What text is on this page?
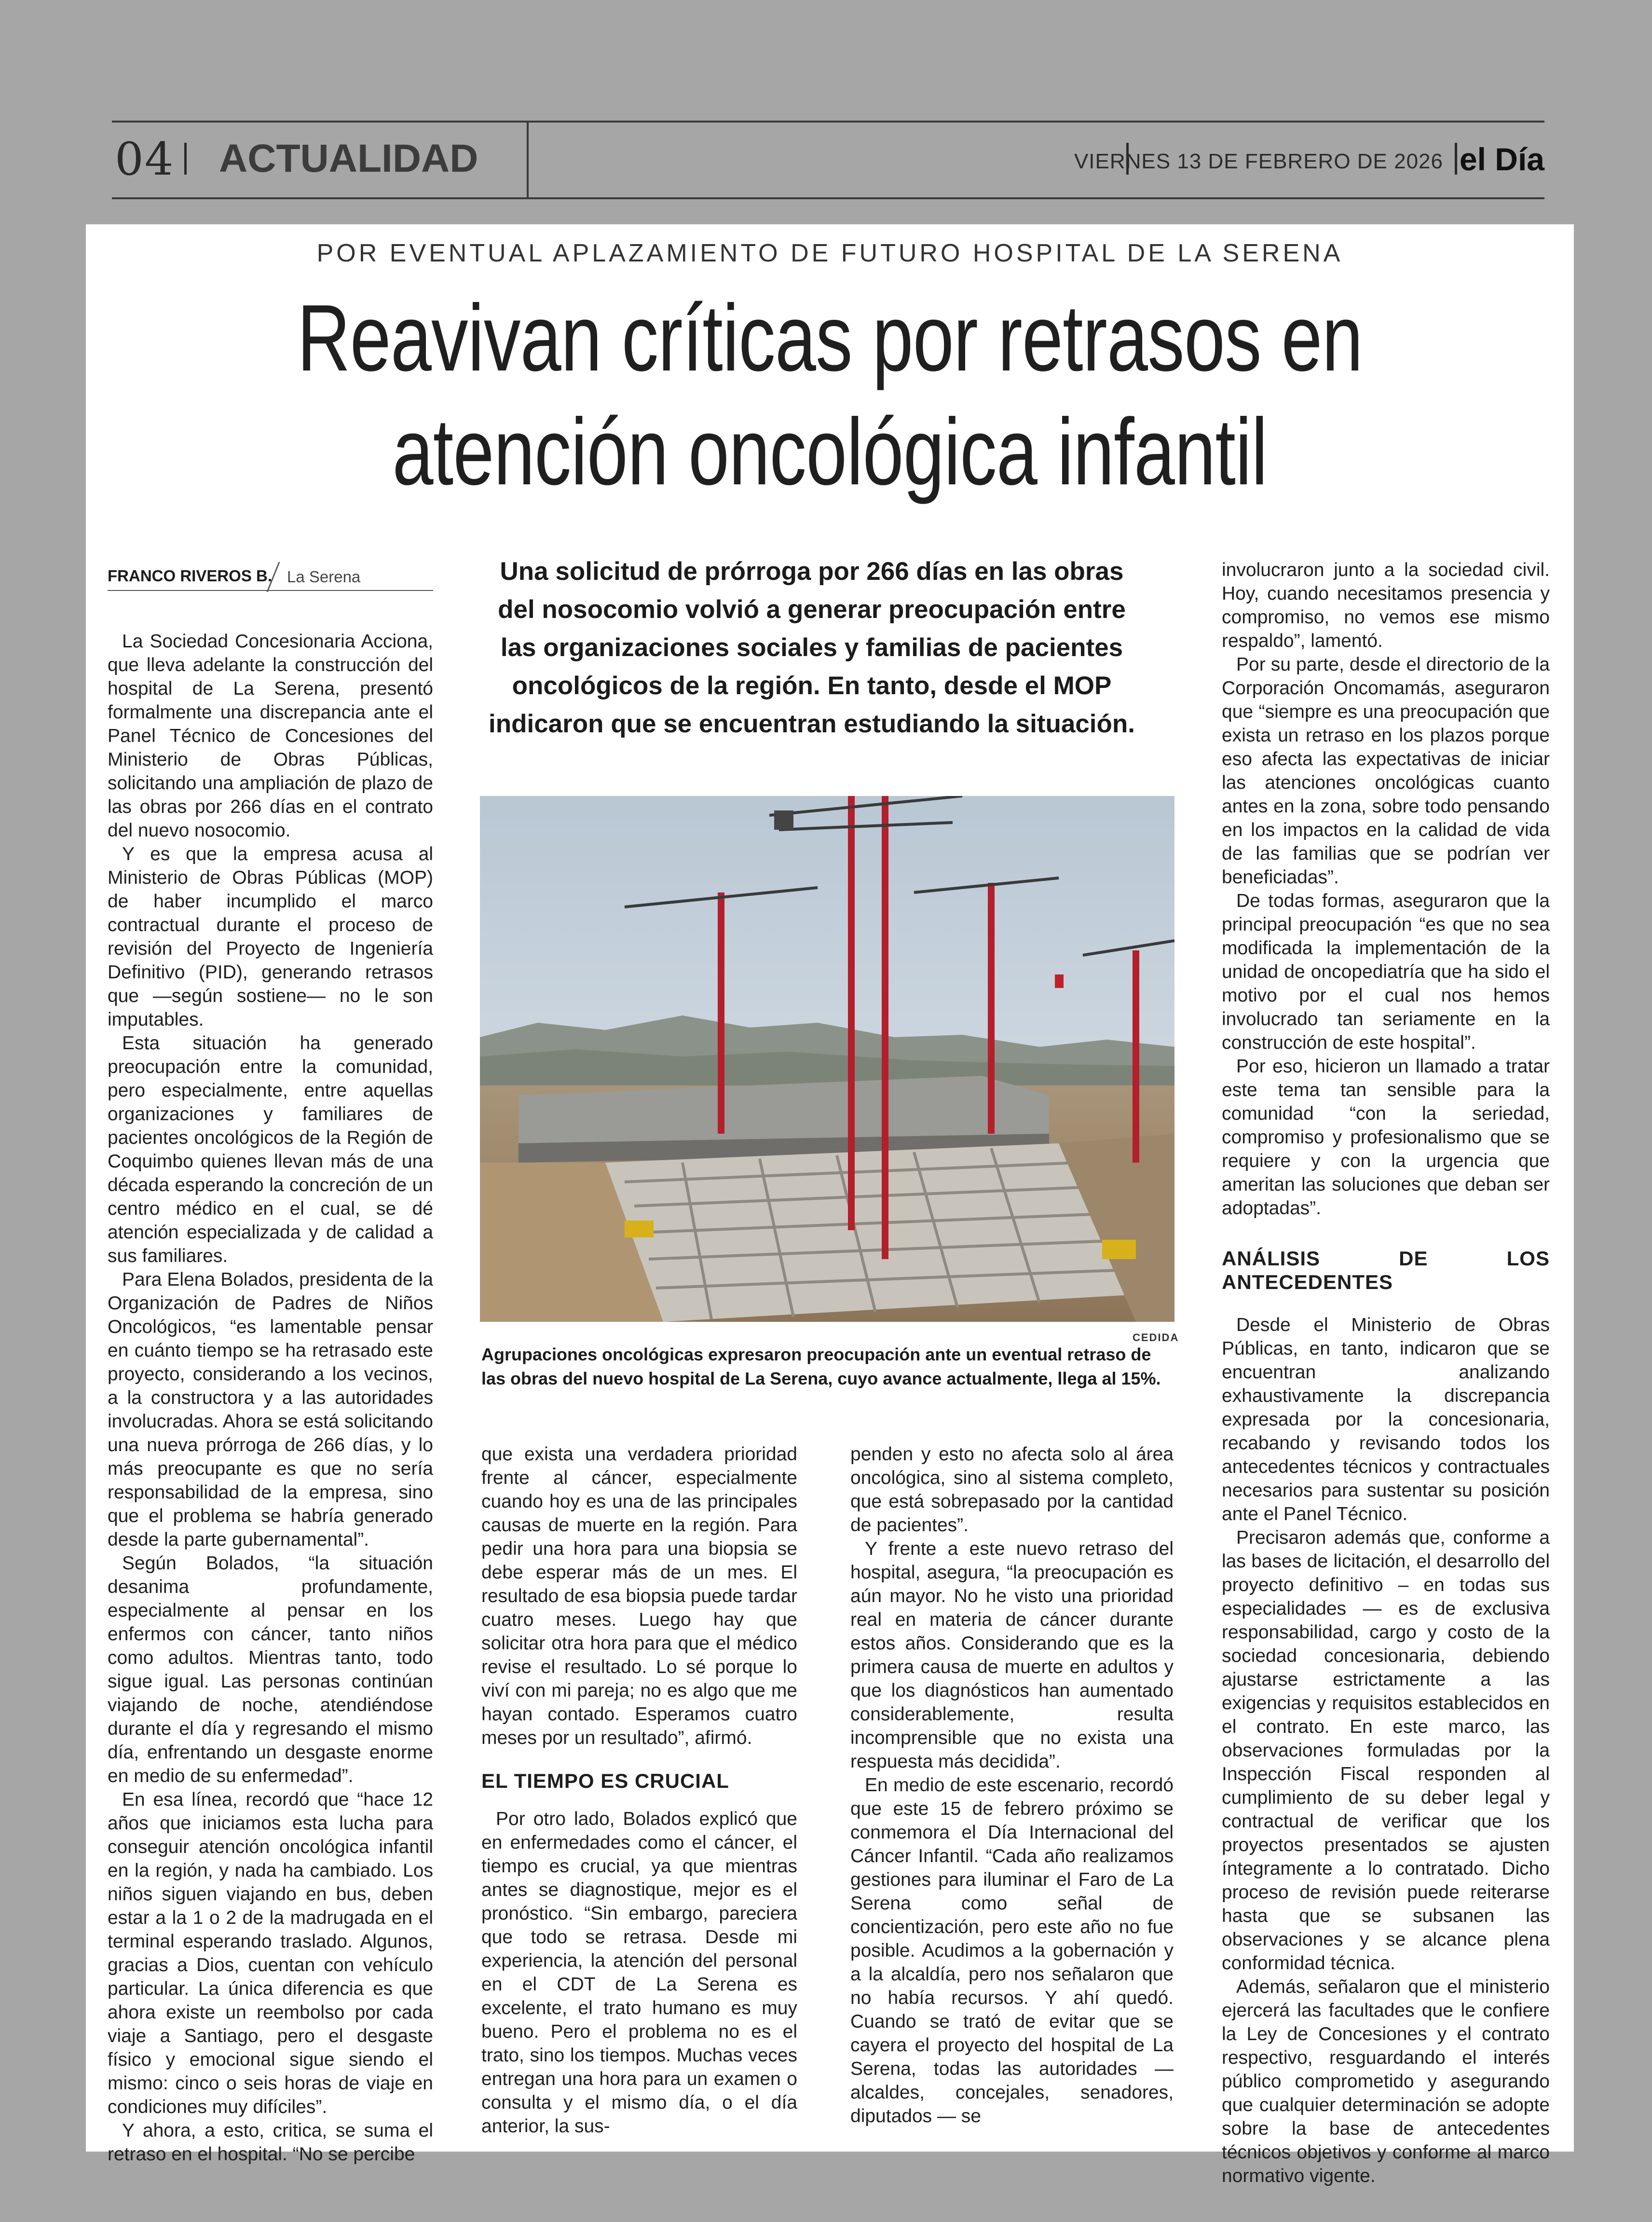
04 ACTUALIDAD	VIERNES 13 DE FEBRERO DE 2026 el Día
POR EVENTUAL APLAZAMIENTO DE FUTURO HOSPITAL DE LA SERENA
Reavivan críticas por retrasos en
atención oncológica infantil
FRANCO RIVEROS B. La Serena

La Sociedad Concesionaria Acciona, que lleva adelante la construcción del hospital de La Serena, presentó formalmente una discrepancia ante el Panel Técnico de Concesiones del Ministerio de Obras Públicas, solicitando una ampliación de plazo de las obras por 266 días en el contrato del nuevo nosocomio.

Y es que la empresa acusa al Ministerio de Obras Públicas (MOP) de haber incumplido el marco contractual durante el proceso de revisión del Proyecto de Ingeniería Definitivo (PID), generando retrasos que —según sostiene— no le son imputables.

Esta situación ha generado preocupación entre la comunidad, pero especialmente, entre aquellas organizaciones y familiares de pacientes oncológicos de la Región de Coquimbo quienes llevan más de una década esperando la concreción de un centro médico en el cual, se dé atención especializada y de calidad a sus familiares.

Para Elena Bolados, presidenta de la Organización de Padres de Niños Oncológicos, “es lamentable pensar en cuánto tiempo se ha retrasado este proyecto, considerando a los vecinos, a la constructora y a las autoridades involucradas. Ahora se está solicitando una nueva prórroga de 266 días, y lo más preocupante es que no sería responsabilidad de la empresa, sino que el problema se habría generado desde la parte gubernamental”.

Según Bolados, “la situación desanima profundamente, especialmente al pensar en los enfermos con cáncer, tanto niños como adultos. Mientras tanto, todo sigue igual. Las personas continúan viajando de noche, atendiéndose durante el día y regresando el mismo día, enfrentando un desgaste enorme en medio de su enfermedad”.

En esa línea, recordó que “hace 12 años que iniciamos esta lucha para conseguir atención oncológica infantil en la región, y nada ha cambiado. Los niños siguen viajando en bus, deben estar a la 1 o 2 de la madrugada en el terminal esperando traslado. Algunos, gracias a Dios, cuentan con vehículo particular. La única diferencia es que ahora existe un reembolso por cada viaje a Santiago, pero el desgaste físico y emocional sigue siendo el mismo: cinco o seis horas de viaje en condiciones muy difíciles”.

Y ahora, a esto, critica, se suma el retraso en el hospital. “No se percibe

Una solicitud de prórroga por 266 días en las obras
del nosocomio volvió a generar preocupación entre
las organizaciones sociales y familias de pacientes
oncológicos de la región. En tanto, desde el MOP
indicaron que se encuentran estudiando la situación.
CEDIDA
Agrupaciones oncológicas expresaron preocupación ante un eventual retraso de las obras del nuevo hospital de La Serena, cuyo avance actualmente, llega al 15%.

que exista una verdadera prioridad frente al cáncer, especialmente cuando hoy es una de las principales causas de muerte en la región. Para pedir una hora para una biopsia se debe esperar más de un mes. El resultado de esa biopsia puede tardar cuatro meses. Luego hay que solicitar otra hora para que el médico revise el resultado. Lo sé porque lo viví con mi pareja; no es algo que me hayan contado. Esperamos cuatro meses por un resultado”, afirmó.

EL TIEMPO ES CRUCIAL

Por otro lado, Bolados explicó que en enfermedades como el cáncer, el tiempo es crucial, ya que mientras antes se diagnostique, mejor es el pronóstico. “Sin embargo, pareciera que todo se retrasa. Desde mi experiencia, la atención del personal en el CDT de La Serena es excelente, el trato humano es muy bueno. Pero el problema no es el trato, sino los tiempos. Muchas veces entregan una hora para un examen o consulta y el mismo día, o el día anterior, la sus-

penden y esto no afecta solo al área oncológica, sino al sistema completo, que está sobrepasado por la cantidad de pacientes”.

Y frente a este nuevo retraso del hospital, asegura, “la preocupación es aún mayor. No he visto una prioridad real en materia de cáncer durante estos años. Considerando que es la primera causa de muerte en adultos y que los diagnósticos han aumentado considerablemente, resulta incomprensible que no exista una respuesta más decidida”.

En medio de este escenario, recordó que este 15 de febrero próximo se conmemora el Día Internacional del Cáncer Infantil. “Cada año realizamos gestiones para iluminar el Faro de La Serena como señal de concientización, pero este año no fue posible. Acudimos a la gobernación y a la alcaldía, pero nos señalaron que no había recursos. Y ahí quedó. Cuando se trató de evitar que se cayera el proyecto del hospital de La Serena, todas las autoridades — alcaldes, concejales, senadores, diputados — se

involucraron junto a la sociedad civil. Hoy, cuando necesitamos presencia y compromiso, no vemos ese mismo respaldo”, lamentó.

Por su parte, desde el directorio de la Corporación Oncomamás, aseguraron que “siempre es una preocupación que exista un retraso en los plazos porque eso afecta las expectativas de iniciar las atenciones oncológicas cuanto antes en la zona, sobre todo pensando en los impactos en la calidad de vida de las familias que se podrían ver beneficiadas”.

De todas formas, aseguraron que la principal preocupación “es que no sea modificada la implementación de la unidad de oncopediatría que ha sido el motivo por el cual nos hemos involucrado tan seriamente en la construcción de este hospital”.

Por eso, hicieron un llamado a tratar este tema tan sensible para la comunidad “con la seriedad, compromiso y profesionalismo que se requiere y con la urgencia que ameritan las soluciones que deban ser adoptadas”.

ANÁLISIS DE LOS ANTECEDENTES

Desde el Ministerio de Obras Públicas, en tanto, indicaron que se encuentran analizando exhaustivamente la discrepancia expresada por la concesionaria, recabando y revisando todos los antecedentes técnicos y contractuales necesarios para sustentar su posición ante el Panel Técnico.

Precisaron además que, conforme a las bases de licitación, el desarrollo del proyecto definitivo – en todas sus especialidades — es de exclusiva responsabilidad, cargo y costo de la sociedad concesionaria, debiendo ajustarse estrictamente a las exigencias y requisitos establecidos en el contrato. En este marco, las observaciones formuladas por la Inspección Fiscal responden al cumplimiento de su deber legal y contractual de verificar que los proyectos presentados se ajusten íntegramente a lo contratado. Dicho proceso de revisión puede reiterarse hasta que se subsanen las observaciones y se alcance plena conformidad técnica.

Además, señalaron que el ministerio ejercerá las facultades que le confiere la Ley de Concesiones y el contrato respectivo, resguardando el interés público comprometido y asegurando que cualquier determinación se adopte sobre la base de antecedentes técnicos objetivos y conforme al marco normativo vigente.
